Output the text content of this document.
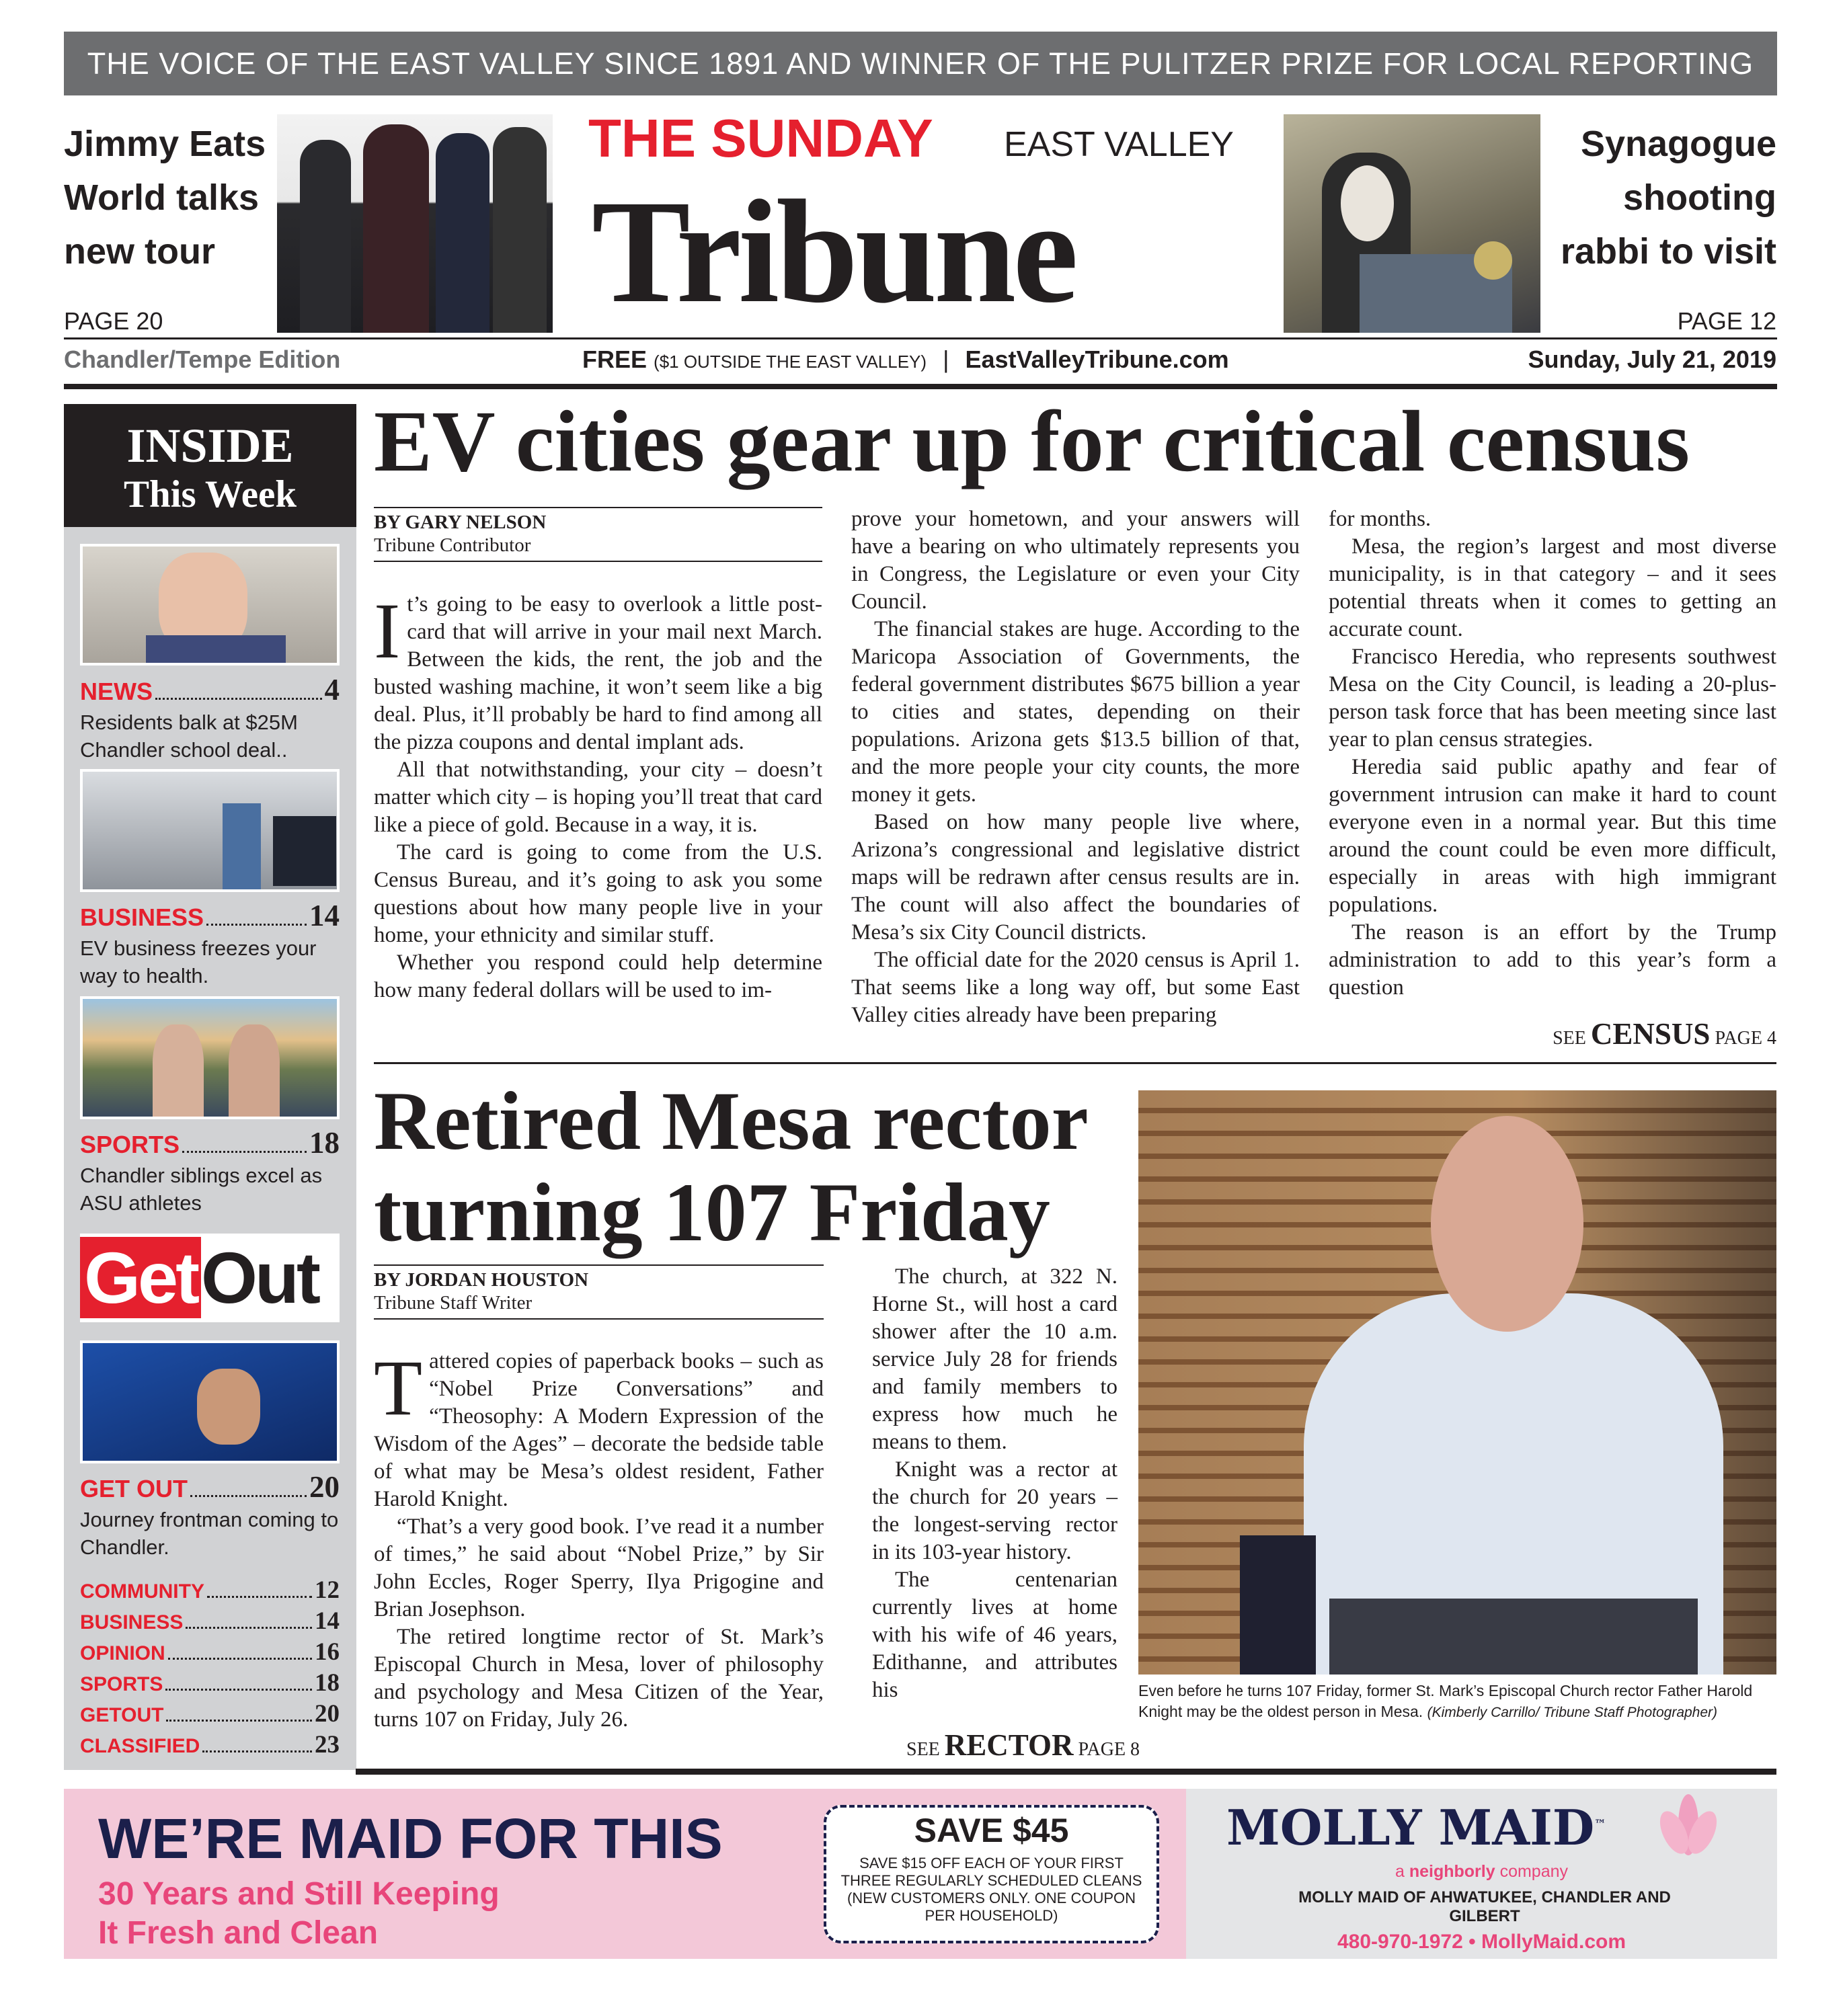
THE VOICE OF THE EAST VALLEY SINCE 1891 AND WINNER OF THE PULITZER PRIZE FOR LOCAL REPORTING
Jimmy Eats World talks new tour
PAGE 20
THE SUNDAY EAST VALLEY
Tribune
Synagogue shooting rabbi to visit
PAGE 12
Chandler/Tempe Edition	FREE ($1 OUTSIDE THE EAST VALLEY) | EastValleyTribune.com	Sunday, July 21, 2019
INSIDE
This Week
NEWS	4
Residents balk at $25M Chandler school deal..
BUSINESS	14
EV business freezes your way to health.
SPORTS	18
Chandler siblings excel as ASU athletes
GetOut
GET OUT	20
Journey frontman coming to Chandler.
COMMUNITY	12
BUSINESS	14
OPINION	16
SPORTS	18
GETOUT	20
CLASSIFIED	23
EV cities gear up for critical census
BY GARY NELSON
Tribune Contributor

It’s going to be easy to overlook a little post-card that will arrive in your mail next March. Between the kids, the rent, the job and the busted washing machine, it won’t seem like a big deal. Plus, it’ll probably be hard to find among all the pizza coupons and dental implant ads.

All that notwithstanding, your city – doesn’t matter which city – is hoping you’ll treat that card like a piece of gold. Because in a way, it is.

The card is going to come from the U.S. Census Bureau, and it’s going to ask you some questions about how many people live in your home, your ethnicity and similar stuff.

Whether you respond could help determine how many federal dollars will be used to im-

prove your hometown, and your answers will have a bearing on who ultimately represents you in Congress, the Legislature or even your City Council.

The financial stakes are huge. According to the Maricopa Association of Governments, the federal government distributes $675 billion a year to cities and states, depending on their populations. Arizona gets $13.5 billion of that, and the more people your city counts, the more money it gets.

Based on how many people live where, Arizona’s congressional and legislative district maps will be redrawn after census results are in. The count will also affect the boundaries of Mesa’s six City Council districts.

The official date for the 2020 census is April 1. That seems like a long way off, but some East Valley cities already have been preparing

for months.

Mesa, the region’s largest and most diverse municipality, is in that category – and it sees potential threats when it comes to getting an accurate count.

Francisco Heredia, who represents southwest Mesa on the City Council, is leading a 20-plus-person task force that has been meeting since last year to plan census strategies.

Heredia said public apathy and fear of government intrusion can make it hard to count everyone even in a normal year. But this time around the count could be even more difficult, especially in areas with high immigrant populations.

The reason is an effort by the Trump administration to add to this year’s form a question

SEE CENSUS PAGE 4
Retired Mesa rector
turning 107 Friday
BY JORDAN HOUSTON
Tribune Staff Writer

Tattered copies of paperback books – such as “Nobel Prize Conversations” and “Theosophy: A Modern Expression of the Wisdom of the Ages” – decorate the bedside table of what may be Mesa’s oldest resident, Father Harold Knight.

“That’s a very good book. I’ve read it a number of times,” he said about “Nobel Prize,” by Sir John Eccles, Roger Sperry, Ilya Prigogine and Brian Josephson.

The retired longtime rector of St. Mark’s Episcopal Church in Mesa, lover of philosophy and psychology and Mesa Citizen of the Year, turns 107 on Friday, July 26.

The church, at 322 N. Horne St., will host a card shower after the 10 a.m. service July 28 for friends and family members to express how much he means to them.

Knight was a rector at the church for 20 years – the longest-serving rector in its 103-year history.

The centenarian currently lives at home with his wife of 46 years, Edithanne, and attributes his

SEE RECTOR PAGE 8
Even before he turns 107 Friday, former St. Mark’s Episcopal Church rector Father Harold Knight may be the oldest person in Mesa. (Kimberly Carrillo/ Tribune Staff Photographer)
WE’RE MAID FOR THIS
30 Years and Still Keeping
It Fresh and Clean
SAVE $45
SAVE $15 OFF EACH OF YOUR FIRST THREE REGULARLY SCHEDULED CLEANS (NEW CUSTOMERS ONLY. ONE COUPON PER HOUSEHOLD)
MOLLY MAID™
a neighborly company
MOLLY MAID OF AHWATUKEE, CHANDLER AND GILBERT
480-970-1972 • MollyMaid.com
